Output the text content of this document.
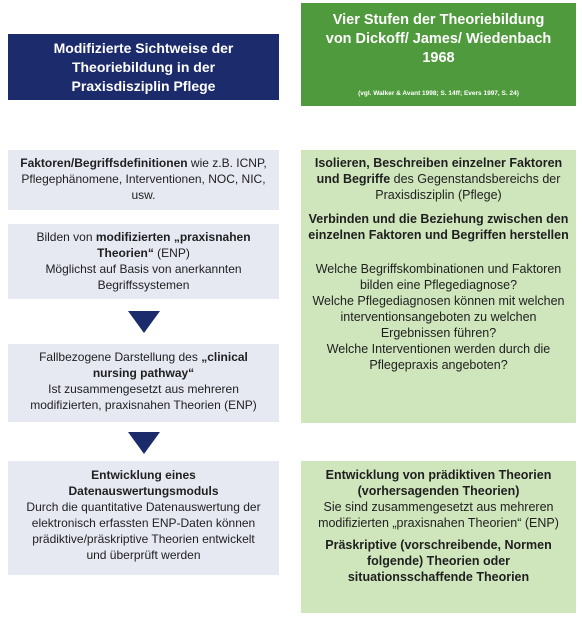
Modifizierte Sichtweise der
Theoriebildung in der
Praxisdisziplin Pflege
Vier Stufen der Theoriebildung
von Dickoff/ James/ Wiedenbach
1968
(vgl. Walker & Avant 1998; S. 14ff; Evers 1997, S. 24)
Faktoren/Begriffsdefinitionen wie z.B. ICNP, Pflegephänomene, Interventionen, NOC, NIC, usw.
Bilden von modifizierten „praxisnahen Theorien“ (ENP)

Möglichst auf Basis von anerkannten Begriffssystemen

Fallbezogene Darstellung des „clinical nursing pathway“

Ist zusammengesetzt aus mehreren modifizierten, praxisnahen Theorien (ENP)

Entwicklung eines Datenauswertungsmoduls

Durch die quantitative Datenauswertung der elektronisch erfassten ENP-Daten können prädiktive/präskriptive Theorien entwickelt und überprüft werden

Isolieren, Beschreiben einzelner Faktoren und Begriffe des Gegenstandsbereichs der Praxisdisziplin (Pflege)

Verbinden und die Beziehung zwischen den einzelnen Faktoren und Begriffen herstellen

Welche Begriffskombinationen und Faktoren bilden eine Pflegediagnose?

Welche Pflegediagnosen können mit welchen interventionsangeboten zu welchen Ergebnissen führen?

Welche Interventionen werden durch die Pflegepraxis angeboten?

Entwicklung von prädiktiven Theorien (vorhersagenden Theorien)

Sie sind zusammengesetzt aus mehreren modifizierten „praxisnahen Theorien“ (ENP)

Präskriptive (vorschreibende, Normen folgende) Theorien oder situationsschaffende Theorien
